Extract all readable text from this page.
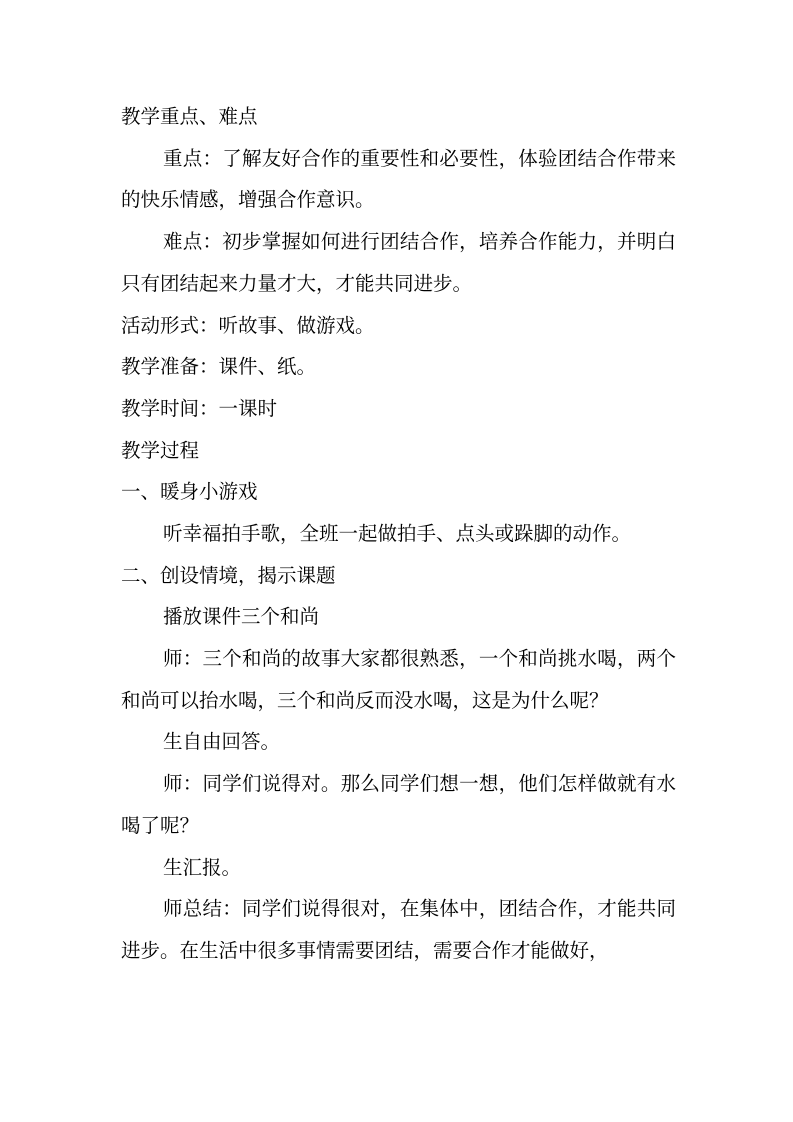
教学重点、难点

重点：了解友好合作的重要性和必要性，体验团结合作带来的快乐情感，增强合作意识。

难点：初步掌握如何进行团结合作，培养合作能力，并明白只有团结起来力量才大，才能共同进步。

活动形式：听故事、做游戏。

教学准备：课件、纸。

教学时间：一课时

教学过程

一、暖身小游戏

听幸福拍手歌，全班一起做拍手、点头或跺脚的动作。

二、创设情境，揭示课题

播放课件三个和尚

师：三个和尚的故事大家都很熟悉，一个和尚挑水喝，两个和尚可以抬水喝，三个和尚反而没水喝，这是为什么呢？

生自由回答。

师：同学们说得对。那么同学们想一想，他们怎样做就有水喝了呢？

生汇报。

师总结：同学们说得很对，在集体中，团结合作，才能共同进步。在生活中很多事情需要团结，需要合作才能做好，
